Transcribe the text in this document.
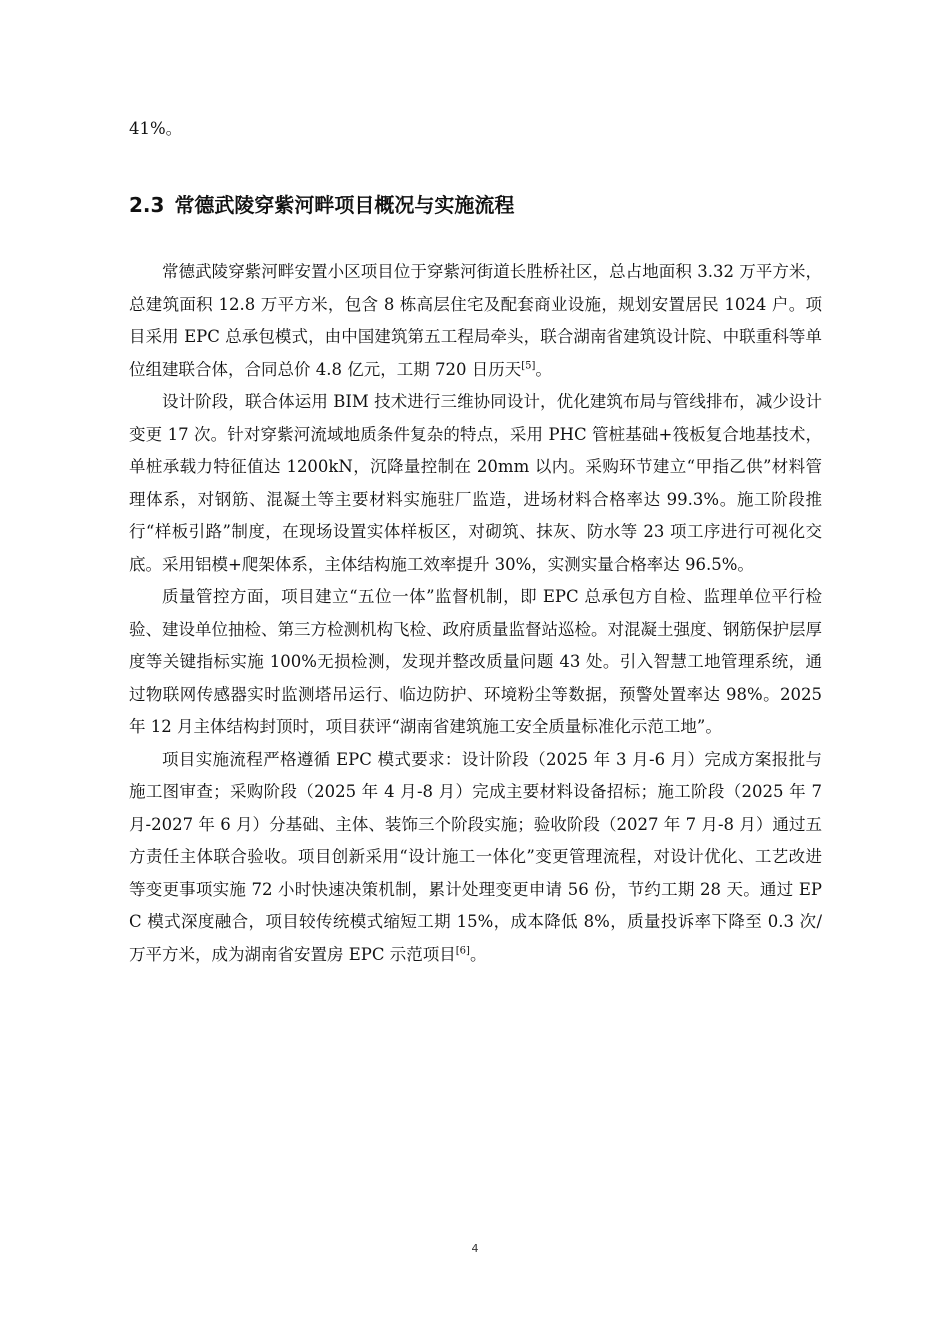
41%。
2.3 常德武陵穿紫河畔项目概况与实施流程

常德武陵穿紫河畔安置小区项目位于穿紫河街道长胜桥社区，总占地面积 3.32 万平方米，总建筑面积 12.8 万平方米，包含 8 栋高层住宅及配套商业设施，规划安置居民 1024 户。项目采用 EPC 总承包模式，由中国建筑第五工程局牵头，联合湖南省建筑设计院、中联重科等单位组建联合体，合同总价 4.8 亿元，工期 720 日历天[5]。

设计阶段，联合体运用 BIM 技术进行三维协同设计，优化建筑布局与管线排布，减少设计变更 17 次。针对穿紫河流域地质条件复杂的特点，采用 PHC 管桩基础+筏板复合地基技术，单桩承载力特征值达 1200kN，沉降量控制在 20mm 以内。采购环节建立“甲指乙供”材料管理体系，对钢筋、混凝土等主要材料实施驻厂监造，进场材料合格率达 99.3%。施工阶段推行“样板引路”制度，在现场设置实体样板区，对砌筑、抹灰、防水等 23 项工序进行可视化交底。采用铝模+爬架体系，主体结构施工效率提升 30%，实测实量合格率达 96.5%。

质量管控方面，项目建立“五位一体”监督机制，即 EPC 总承包方自检、监理单位平行检验、建设单位抽检、第三方检测机构飞检、政府质量监督站巡检。对混凝土强度、钢筋保护层厚度等关键指标实施 100%无损检测，发现并整改质量问题 43 处。引入智慧工地管理系统，通过物联网传感器实时监测塔吊运行、临边防护、环境粉尘等数据，预警处置率达 98%。2025 年 12 月主体结构封顶时，项目获评“湖南省建筑施工安全质量标准化示范工地”。

项目实施流程严格遵循 EPC 模式要求：设计阶段（2025 年 3 月-6 月）完成方案报批与施工图审查；采购阶段（2025 年 4 月-8 月）完成主要材料设备招标；施工阶段（2025 年 7 月-2027 年 6 月）分基础、主体、装饰三个阶段实施；验收阶段（2027 年 7 月-8 月）通过五方责任主体联合验收。项目创新采用“设计施工一体化”变更管理流程，对设计优化、工艺改进等变更事项实施 72 小时快速决策机制，累计处理变更申请 56 份，节约工期 28 天。通过 EPC 模式深度融合，项目较传统模式缩短工期 15%，成本降低 8%，质量投诉率下降至 0.3 次/万平方米，成为湖南省安置房 EPC 示范项目[6]。

4
